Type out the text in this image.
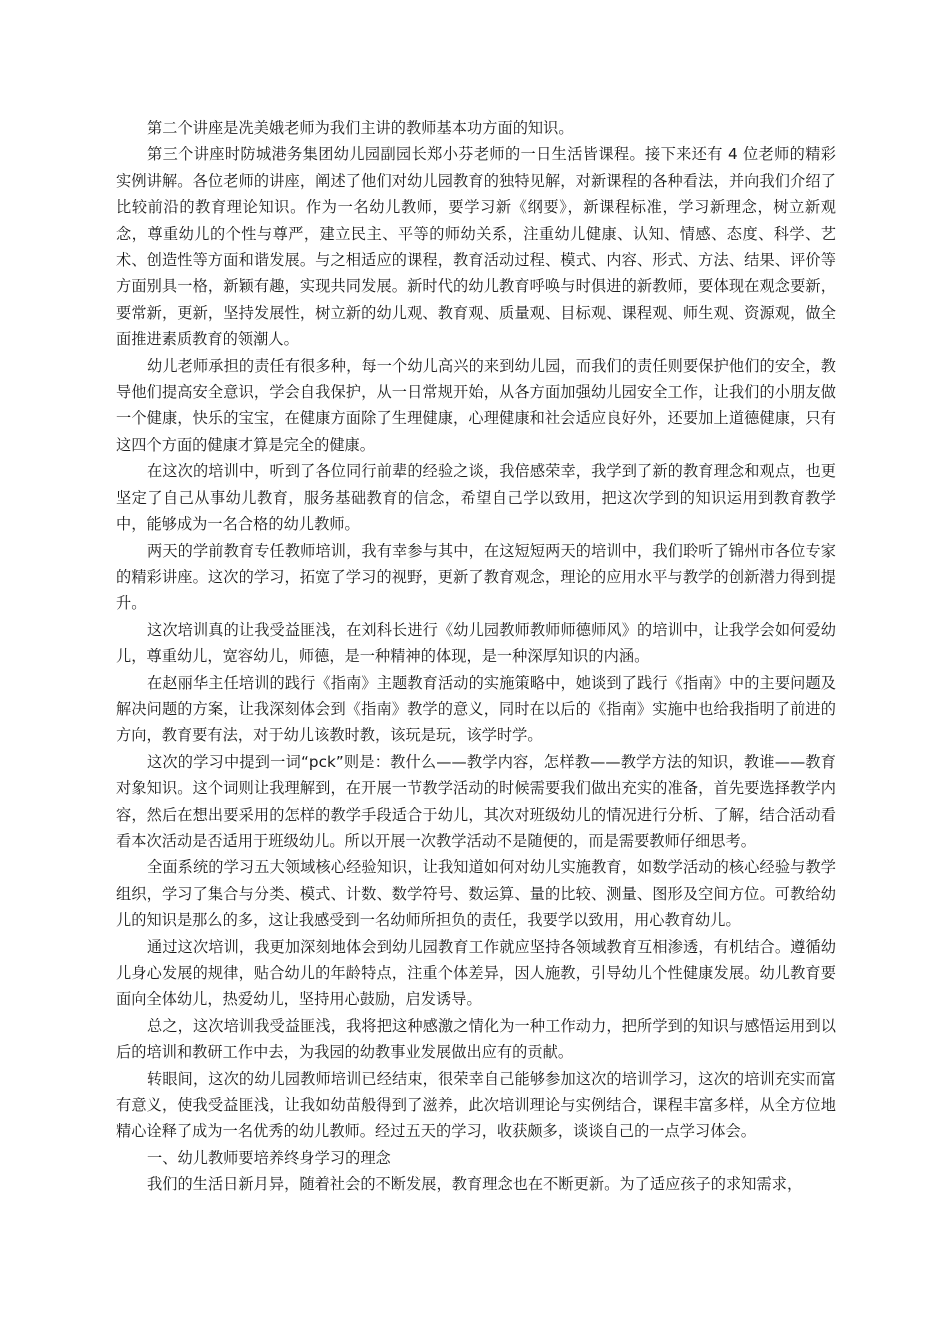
第二个讲座是冼美娥老师为我们主讲的教师基本功方面的知识。

第三个讲座时防城港务集团幼儿园副园长郑小芬老师的一日生活皆课程。接下来还有 4 位老师的精彩实例讲解。各位老师的讲座，阐述了他们对幼儿园教育的独特见解，对新课程的各种看法，并向我们介绍了比较前沿的教育理论知识。作为一名幼儿教师，要学习新《纲要》，新课程标准，学习新理念，树立新观念，尊重幼儿的个性与尊严，建立民主、平等的师幼关系，注重幼儿健康、认知、情感、态度、科学、艺术、创造性等方面和谐发展。与之相适应的课程，教育活动过程、模式、内容、形式、方法、结果、评价等方面别具一格，新颖有趣，实现共同发展。新时代的幼儿教育呼唤与时俱进的新教师，要体现在观念要新，要常新，更新，坚持发展性，树立新的幼儿观、教育观、质量观、目标观、课程观、师生观、资源观，做全面推进素质教育的领潮人。

幼儿老师承担的责任有很多种，每一个幼儿高兴的来到幼儿园，而我们的责任则要保护他们的安全，教导他们提高安全意识，学会自我保护，从一日常规开始，从各方面加强幼儿园安全工作，让我们的小朋友做一个健康，快乐的宝宝，在健康方面除了生理健康，心理健康和社会适应良好外，还要加上道德健康，只有这四个方面的健康才算是完全的健康。

在这次的培训中，听到了各位同行前辈的经验之谈，我倍感荣幸，我学到了新的教育理念和观点，也更坚定了自己从事幼儿教育，服务基础教育的信念，希望自己学以致用，把这次学到的知识运用到教育教学中，能够成为一名合格的幼儿教师。

两天的学前教育专任教师培训，我有幸参与其中，在这短短两天的培训中，我们聆听了锦州市各位专家的精彩讲座。这次的学习，拓宽了学习的视野，更新了教育观念，理论的应用水平与教学的创新潜力得到提升。

这次培训真的让我受益匪浅，在刘科长进行《幼儿园教师教师师德师风》的培训中，让我学会如何爱幼儿，尊重幼儿，宽容幼儿，师德，是一种精神的体现，是一种深厚知识的内涵。

在赵丽华主任培训的践行《指南》主题教育活动的实施策略中，她谈到了践行《指南》中的主要问题及解决问题的方案，让我深刻体会到《指南》教学的意义，同时在以后的《指南》实施中也给我指明了前进的方向，教育要有法，对于幼儿该教时教，该玩是玩，该学时学。

这次的学习中提到一词“pck”则是：教什么——教学内容，怎样教——教学方法的知识，教谁——教育对象知识。这个词则让我理解到，在开展一节教学活动的时候需要我们做出充实的准备，首先要选择教学内容，然后在想出要采用的怎样的教学手段适合于幼儿，其次对班级幼儿的情况进行分析、了解，结合活动看看本次活动是否适用于班级幼儿。所以开展一次教学活动不是随便的，而是需要教师仔细思考。

全面系统的学习五大领域核心经验知识，让我知道如何对幼儿实施教育，如数学活动的核心经验与教学组织，学习了集合与分类、模式、计数、数学符号、数运算、量的比较、测量、图形及空间方位。可教给幼儿的知识是那么的多，这让我感受到一名幼师所担负的责任，我要学以致用，用心教育幼儿。

通过这次培训，我更加深刻地体会到幼儿园教育工作就应坚持各领域教育互相渗透，有机结合。遵循幼儿身心发展的规律，贴合幼儿的年龄特点，注重个体差异，因人施教，引导幼儿个性健康发展。幼儿教育要面向全体幼儿，热爱幼儿，坚持用心鼓励，启发诱导。

总之，这次培训我受益匪浅，我将把这种感激之情化为一种工作动力，把所学到的知识与感悟运用到以后的培训和教研工作中去，为我园的幼教事业发展做出应有的贡献。

转眼间，这次的幼儿园教师培训已经结束，很荣幸自己能够参加这次的培训学习，这次的培训充实而富有意义，使我受益匪浅，让我如幼苗般得到了滋养，此次培训理论与实例结合，课程丰富多样，从全方位地精心诠释了成为一名优秀的幼儿教师。经过五天的学习，收获颇多，谈谈自己的一点学习体会。

一、幼儿教师要培养终身学习的理念

我们的生活日新月异，随着社会的不断发展，教育理念也在不断更新。为了适应孩子的求知需求，
